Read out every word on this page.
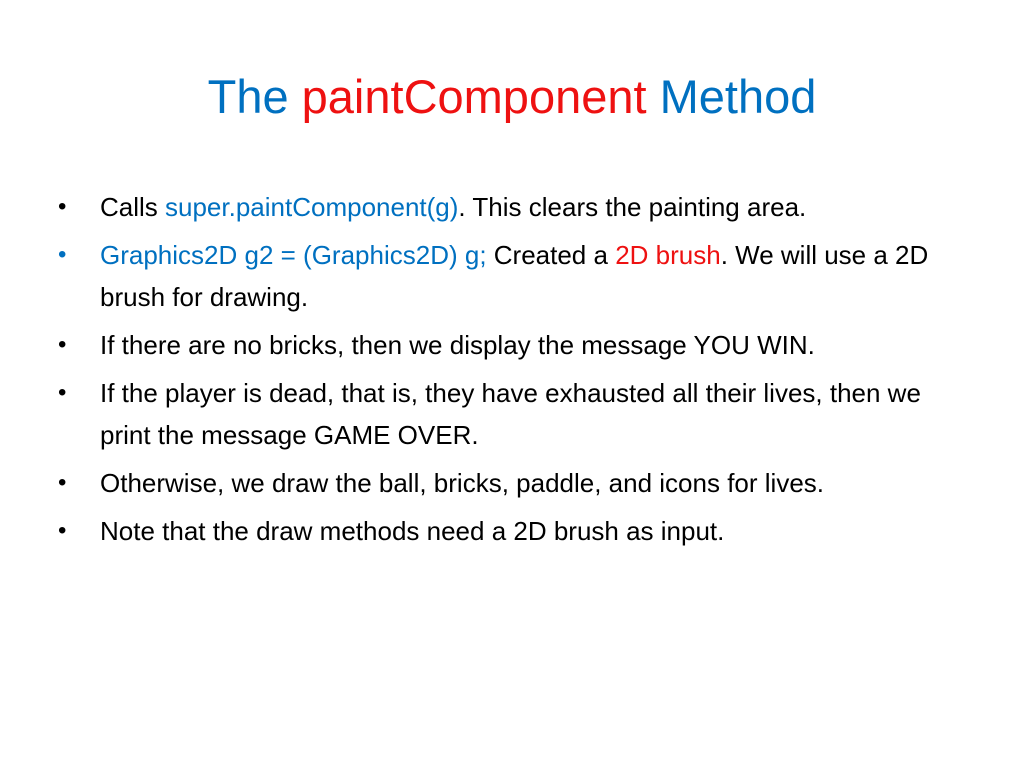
The paintComponent Method
• Calls super.paintComponent(g). This clears the painting area.
• Graphics2D g2 = (Graphics2D) g; Created a 2D brush. We will use a 2D brush for drawing.
• If there are no bricks, then we display the message YOU WIN.
• If the player is dead, that is, they have exhausted all their lives, then we print the message GAME OVER.
• Otherwise, we draw the ball, bricks, paddle, and icons for lives.
• Note that the draw methods need a 2D brush as input.
